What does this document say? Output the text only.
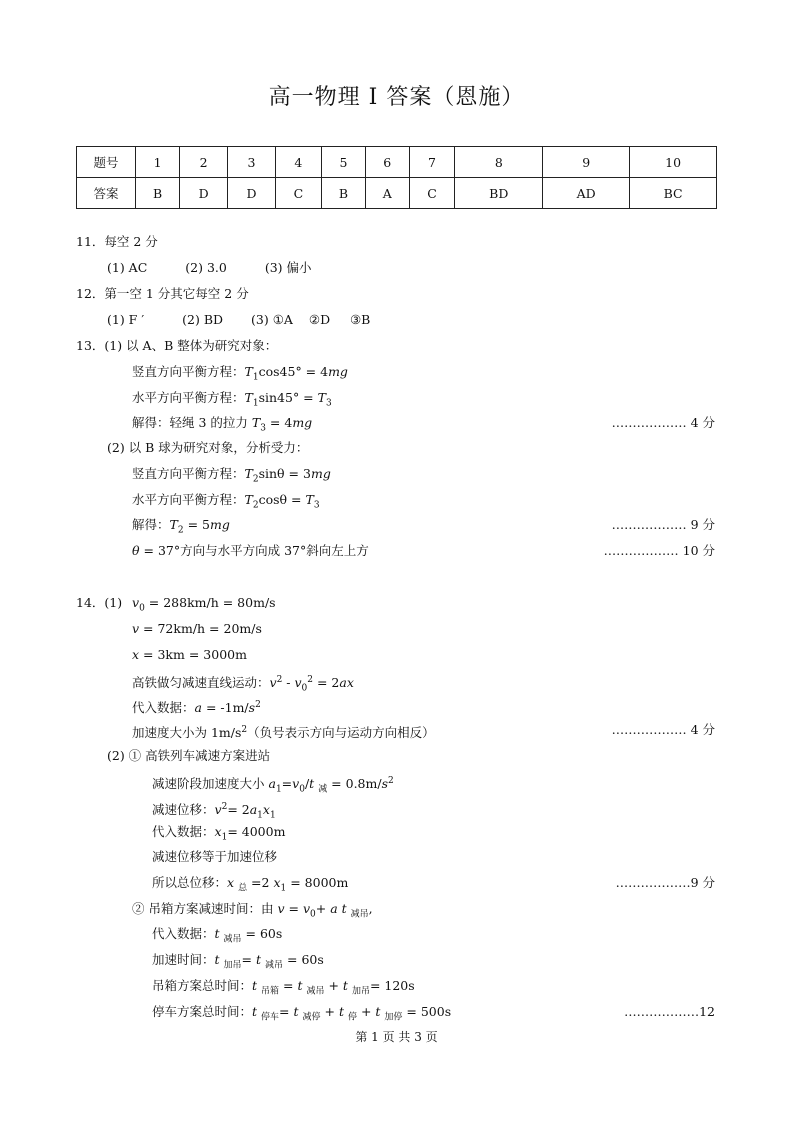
高一物理 I 答案（恩施）
题号	1	2	3	4	5	6	7	8	9	10
答案	B	D	D	C	B	A	C	BD	AD	BC
11．每空 2 分
(1) AC	(2) 3.0	(3) 偏小
12．第一空 1 分其它每空 2 分
(1) F ′	(2) BD (3) ①A ②D ③B
13．(1) 以 A、B 整体为研究对象：
竖直方向平衡方程：$T_1\cos 45^\circ = 4mg$
水平方向平衡方程：$T_1\sin 45^\circ = T_3$
解得：轻绳 3 的拉力 $T_3 = 4mg$	……………… 4 分
(2) 以 B 球为研究对象，分析受力：
竖直方向平衡方程：$T_2\sin\theta = 3mg$
水平方向平衡方程：$T_2\cos\theta = T_3$
解得：$T_2 = 5mg$	……………… 9 分
θ = 37°方向与水平方向成 37°斜向左上方	……………… 10 分
14．(1) $v_0 = 288km/h = 80m/s$
v = 72km/h = 20m/s
x = 3km = 3000m
高铁做匀减速直线运动：$v^2 - v_0^2 = 2ax$
代入数据：$a = -1m/s^2$
加速度大小为 $1m/s^2$（负号表示方向与运动方向相反）	……………… 4 分
(2) ① 高铁列车减速方案进站
减速阶段加速度大小 $a_1=v_0/t$ $_减 = 0.8m/s^2$
减速位移：$v^2= 2a_1x_1$
代入数据：$x_1= 4000m$
减速位移等于加速位移
所以总位移：x $_总$ =2 $x_1 = 8000m$	………………9 分
② 吊箱方案减速时间：由 $v = v_0+ a$ t $_{减吊}$,
代入数据：t $_{减吊}$ = 60s
加速时间：t $_{加吊}$= t $_{减吊}$ = 60s
吊箱方案总时间：t $_{吊箱}$ = t $_{减吊}$ + t $_{加吊}$= 120s
停车方案总时间：t $_{停车}$= t $_{减停}$ + t $_停$ + t $_{加停}$ = 500s	………………12
第 1 页 共 3 页
